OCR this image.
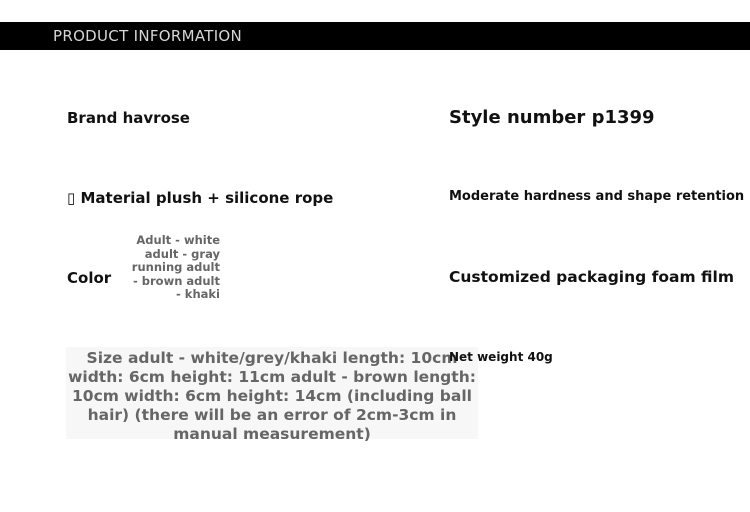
PRODUCT INFORMATION
Brand havrose	Style number p1399
▯ Material plush + silicone rope	Moderate hardness and shape retention
Color
Adult - white adult - gray running adult - brown adult - khaki
Customized packaging foam film

Size adult - white/grey/khaki length: 10cm width: 6cm height: 11cm adult - brown length: 10cm width: 6cm height: 14cm (including ball hair) (there will be an error of 2cm-3cm in manual measurement)

Net weight 40g
